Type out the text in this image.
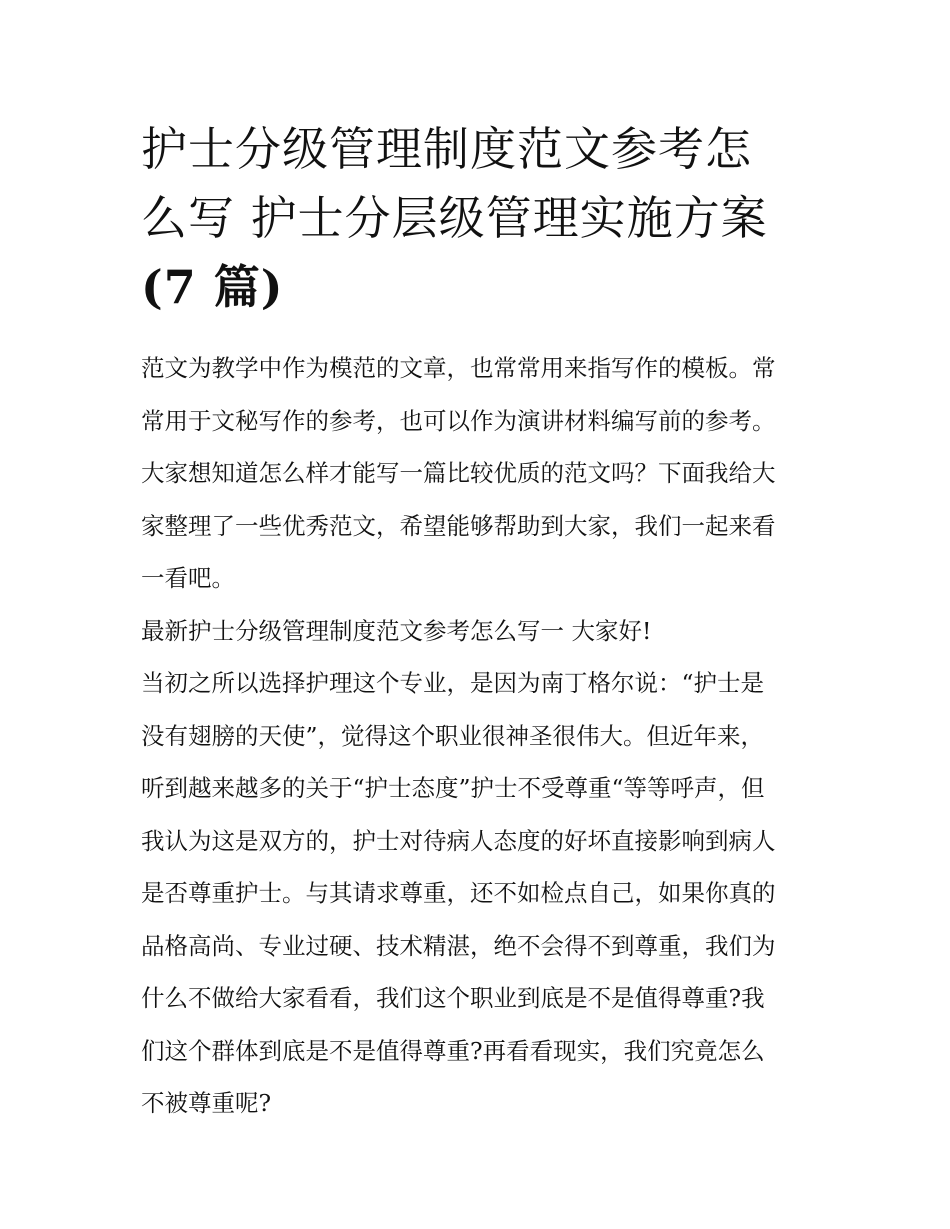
护士分级管理制度范文参考怎
么写 护士分层级管理实施方案
(7 篇)

范文为教学中作为模范的文章，也常常用来指写作的模板。常
常用于文秘写作的参考，也可以作为演讲材料编写前的参考。
大家想知道怎么样才能写一篇比较优质的范文吗？下面我给大
家整理了一些优秀范文，希望能够帮助到大家，我们一起来看
一看吧。

最新护士分级管理制度范文参考怎么写一 大家好!

当初之所以选择护理这个专业，是因为南丁格尔说：“护士是
没有翅膀的天使”，觉得这个职业很神圣很伟大。但近年来，
听到越来越多的关于“护士态度”护士不受尊重“等等呼声，但
我认为这是双方的，护士对待病人态度的好坏直接影响到病人
是否尊重护士。与其请求尊重，还不如检点自己，如果你真的
品格高尚、专业过硬、技术精湛，绝不会得不到尊重，我们为
什么不做给大家看看，我们这个职业到底是不是值得尊重?我
们这个群体到底是不是值得尊重?再看看现实，我们究竟怎么
不被尊重呢?
